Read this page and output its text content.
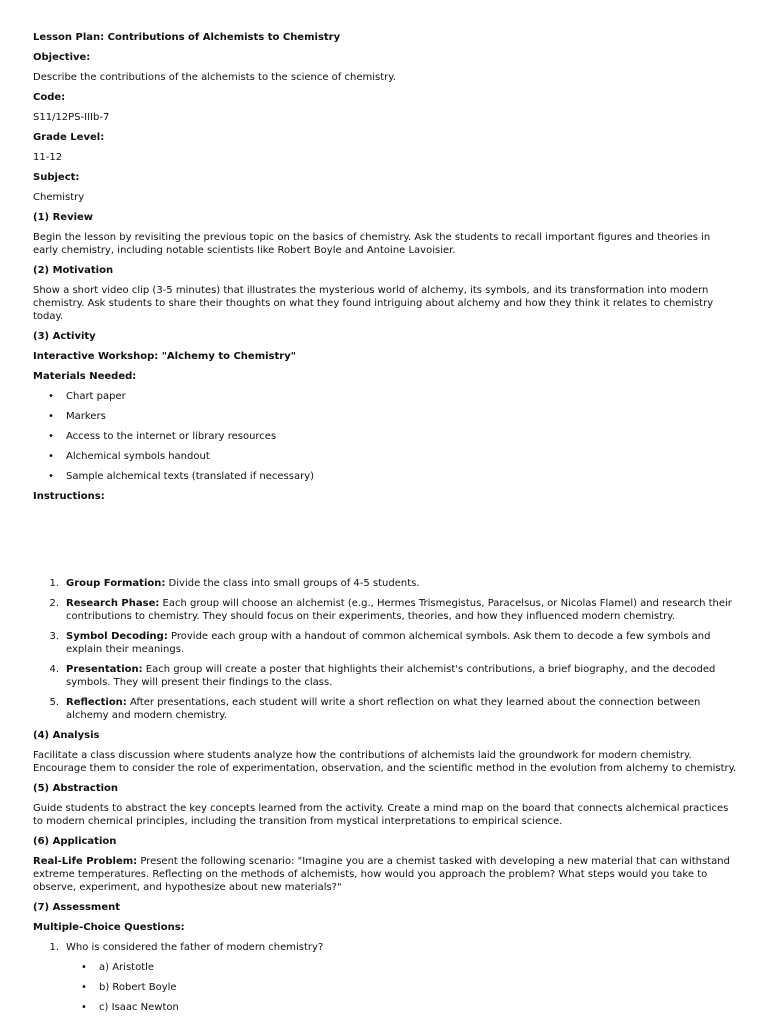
Lesson Plan: Contributions of Alchemists to Chemistry

Objective:

Describe the contributions of the alchemists to the science of chemistry.

Code:

S11/12PS-IIIb-7

Grade Level:

11-12

Subject:

Chemistry

(1) Review

Begin the lesson by revisiting the previous topic on the basics of chemistry. Ask the students to recall important figures and theories in early chemistry, including notable scientists like Robert Boyle and Antoine Lavoisier.

(2) Motivation

Show a short video clip (3-5 minutes) that illustrates the mysterious world of alchemy, its symbols, and its transformation into modern chemistry. Ask students to share their thoughts on what they found intriguing about alchemy and how they think it relates to chemistry today.

(3) Activity

Interactive Workshop: "Alchemy to Chemistry"

Materials Needed:

• Chart paper
• Markers
• Access to the internet or library resources
• Alchemical symbols handout
• Sample alchemical texts (translated if necessary)

Instructions:

1. Group Formation: Divide the class into small groups of 4-5 students.
2. Research Phase: Each group will choose an alchemist (e.g., Hermes Trismegistus, Paracelsus, or Nicolas Flamel) and research their contributions to chemistry. They should focus on their experiments, theories, and how they influenced modern chemistry.
3. Symbol Decoding: Provide each group with a handout of common alchemical symbols. Ask them to decode a few symbols and explain their meanings.
4. Presentation: Each group will create a poster that highlights their alchemist's contributions, a brief biography, and the decoded symbols. They will present their findings to the class.
5. Reflection: After presentations, each student will write a short reflection on what they learned about the connection between alchemy and modern chemistry.

(4) Analysis

Facilitate a class discussion where students analyze how the contributions of alchemists laid the groundwork for modern chemistry. Encourage them to consider the role of experimentation, observation, and the scientific method in the evolution from alchemy to chemistry.

(5) Abstraction

Guide students to abstract the key concepts learned from the activity. Create a mind map on the board that connects alchemical practices to modern chemical principles, including the transition from mystical interpretations to empirical science.

(6) Application

Real-Life Problem: Present the following scenario: "Imagine you are a chemist tasked with developing a new material that can withstand extreme temperatures. Reflecting on the methods of alchemists, how would you approach the problem? What steps would you take to observe, experiment, and hypothesize about new materials?"

(7) Assessment

Multiple-Choice Questions:

1. Who is considered the father of modern chemistry?
• a) Aristotle
• b) Robert Boyle
• c) Isaac Newton
